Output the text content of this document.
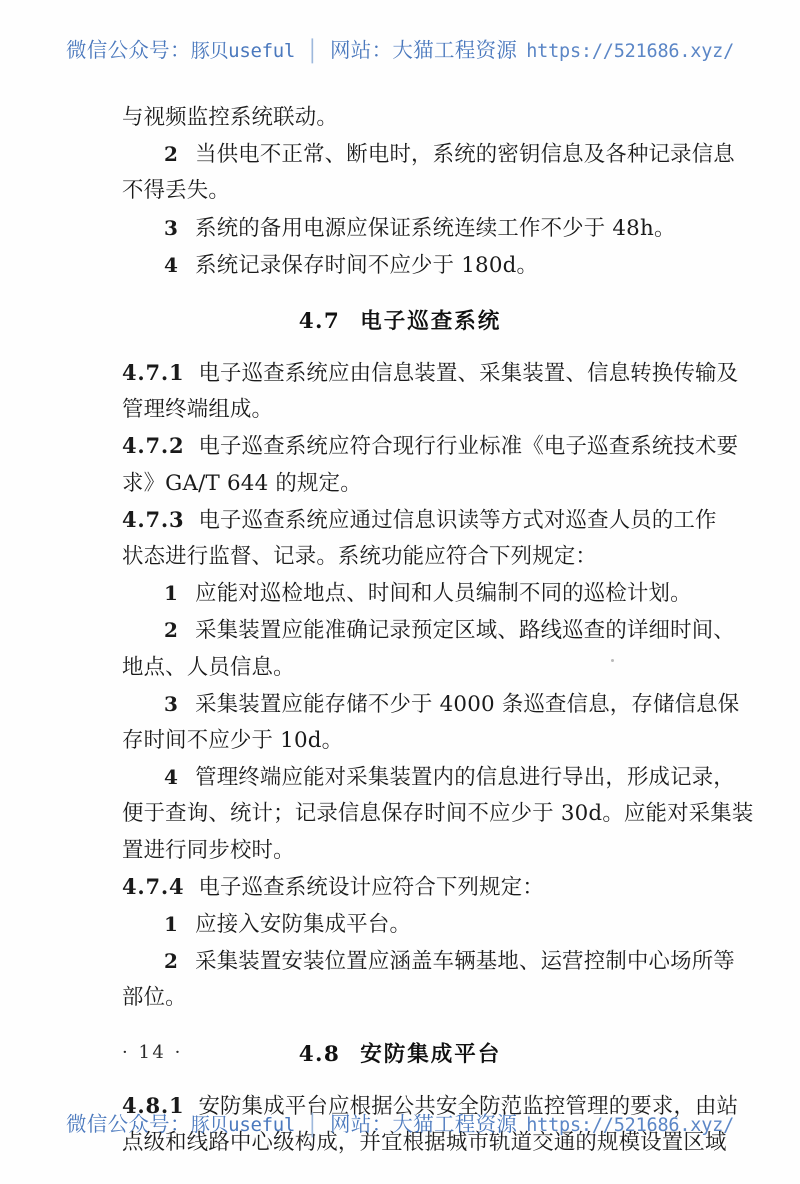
微信公众号： 豚贝useful │ 网站： 大猫工程资源 https://521686.xyz/
与视频监控系统联动。
2 当供电不正常、断电时，系统的密钥信息及各种记录信息
不得丢失。
3 系统的备用电源应保证系统连续工作不少于 48h。
4 系统记录保存时间不应少于 180d。
4.7 电子巡查系统
4.7.1 电子巡查系统应由信息装置、采集装置、信息转换传输及
管理终端组成。
4.7.2 电子巡查系统应符合现行行业标准《电子巡查系统技术要
求》GA/T 644 的规定。
4.7.3 电子巡查系统应通过信息识读等方式对巡查人员的工作
状态进行监督、记录。系统功能应符合下列规定：
1 应能对巡检地点、时间和人员编制不同的巡检计划。
2 采集装置应能准确记录预定区域、路线巡查的详细时间、
地点、人员信息。
3 采集装置应能存储不少于 4000 条巡查信息，存储信息保
存时间不应少于 10d。
4 管理终端应能对采集装置内的信息进行导出，形成记录，
便于查询、统计；记录信息保存时间不应少于 30d。应能对采集装
置进行同步校时。
4.7.4 电子巡查系统设计应符合下列规定：
1 应接入安防集成平台。
2 采集装置安装位置应涵盖车辆基地、运营控制中心场所等
部位。
4.8 安防集成平台
4.8.1 安防集成平台应根据公共安全防范监控管理的要求，由站
点级和线路中心级构成，并宜根据城市轨道交通的规模设置区域
· 14 ·
微信公众号： 豚贝useful │ 网站： 大猫工程资源 https://521686.xyz/
